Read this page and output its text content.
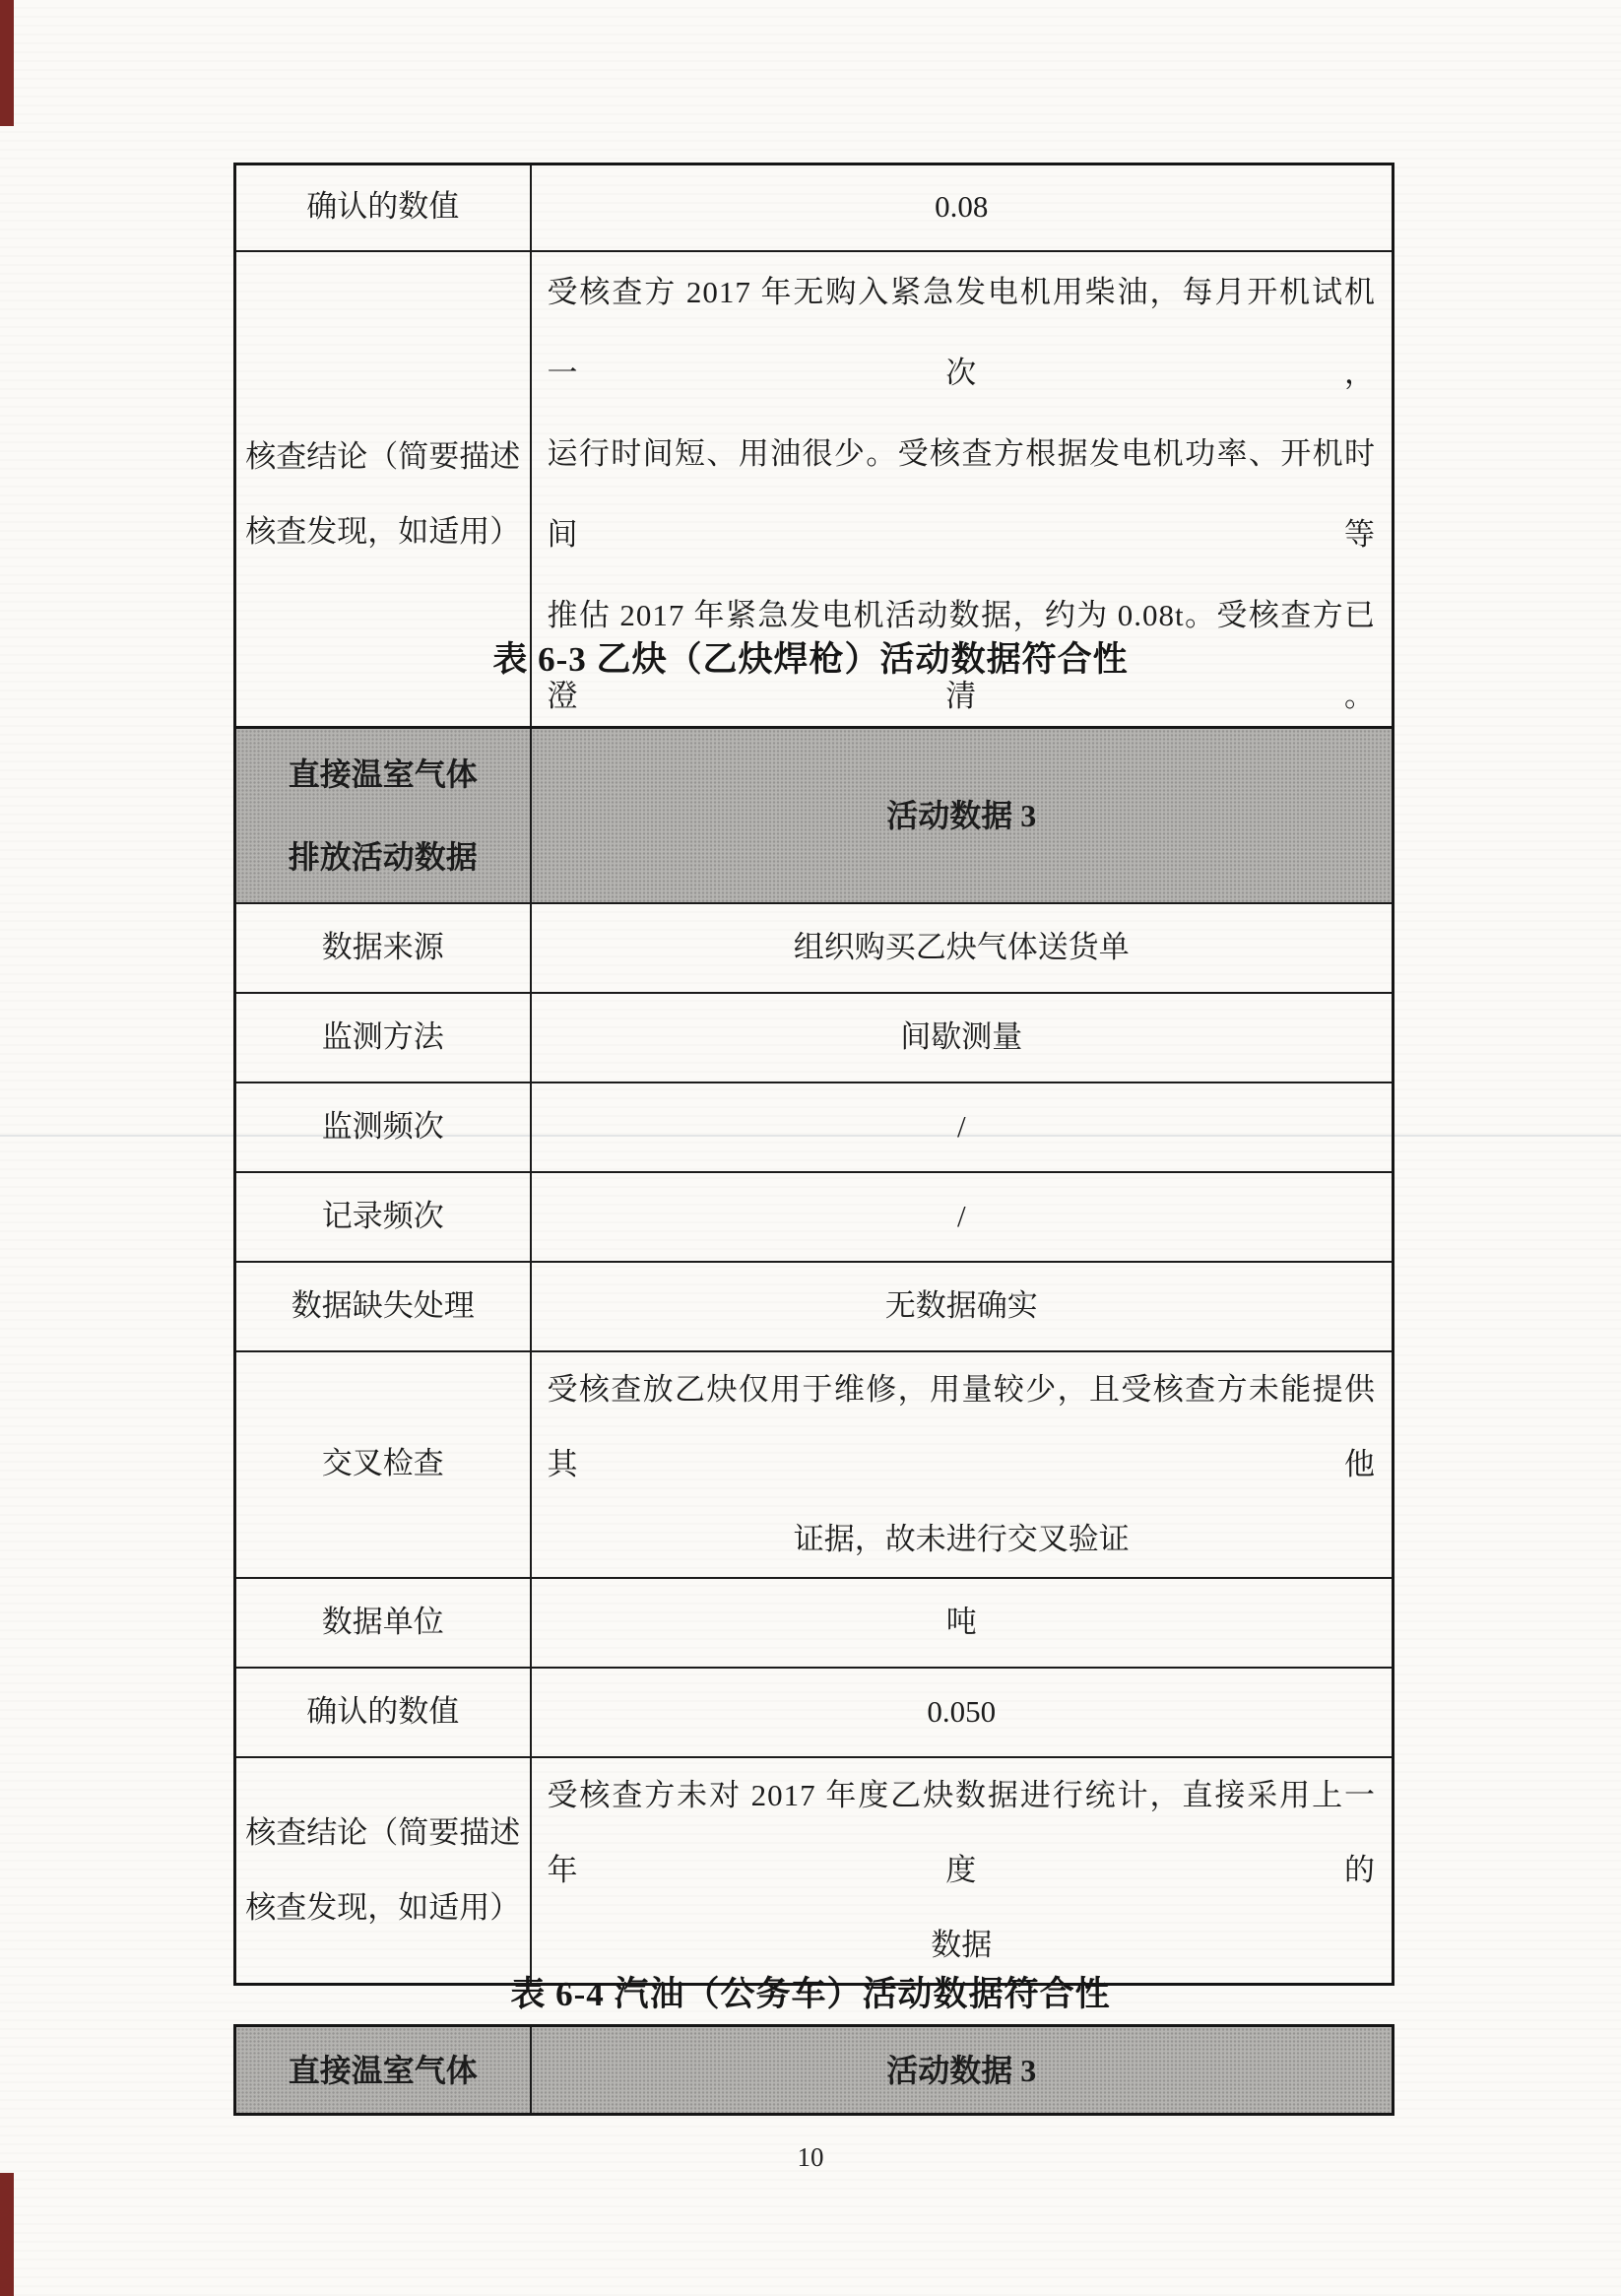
确认的数值	0.08

核查结论（简要描述
核查发现，如适用）	受核查方 2017 年无购入紧急发电机用柴油，每月开机试机一次，
运行时间短、用油很少。受核查方根据发电机功率、开机时间等
推估 2017 年紧急发电机活动数据，约为 0.08t。受核查方已澄清。
表 6-3 乙炔（乙炔焊枪）活动数据符合性
直接温室气体
排放活动数据	活动数据 3
数据来源	组织购买乙炔气体送货单
监测方法	间歇测量
监测频次	/
记录频次	/
数据缺失处理	无数据确实
交叉检查	受核查放乙炔仅用于维修，用量较少，且受核查方未能提供其他
证据，故未进行交叉验证

数据单位	吨
确认的数值	0.050

核查结论（简要描述
核查发现，如适用）	受核查方未对 2017 年度乙炔数据进行统计，直接采用上一年度的
数据
表 6-4 汽油（公务车）活动数据符合性
直接温室气体	活动数据 3
10
